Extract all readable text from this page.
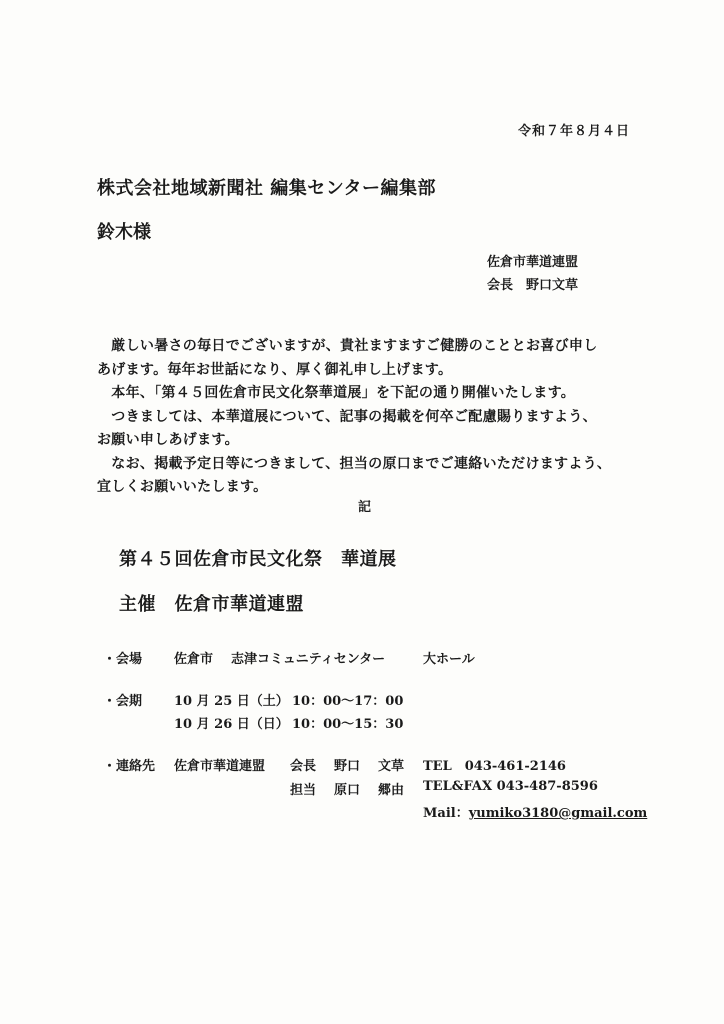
令和７年８月４日
株式会社地域新聞社 編集センター編集部
鈴木様
佐倉市華道連盟
会長　野口文草

　厳しい暑さの毎日でございますが、貴社ますますご健勝のこととお喜び申し

あげます。毎年お世話になり、厚く御礼申し上げます。

　本年、「第４５回佐倉市民文化祭華道展」を下記の通り開催いたします。

　つきましては、本華道展について、記事の掲載を何卒ご配慮賜りますよう、

お願い申しあげます。

　なお、掲載予定日等につきまして、担当の原口までご連絡いただけますよう、

宜しくお願いいたします。

記
第４５回佐倉市民文化祭　華道展
主催　佐倉市華道連盟
・会場 佐倉市 志津コミュニティセンター	大ホール
・会期 10 月 25 日（土） 10：00～17：00
10 月 26 日（日） 10：00～15：30
・連絡先 佐倉市華道連盟 会長 野口 文草 TEL　043-461-2146
担当 原口 郷由 TEL&FAX 043-487-8596
Mail：yumiko3180@gmail.com
